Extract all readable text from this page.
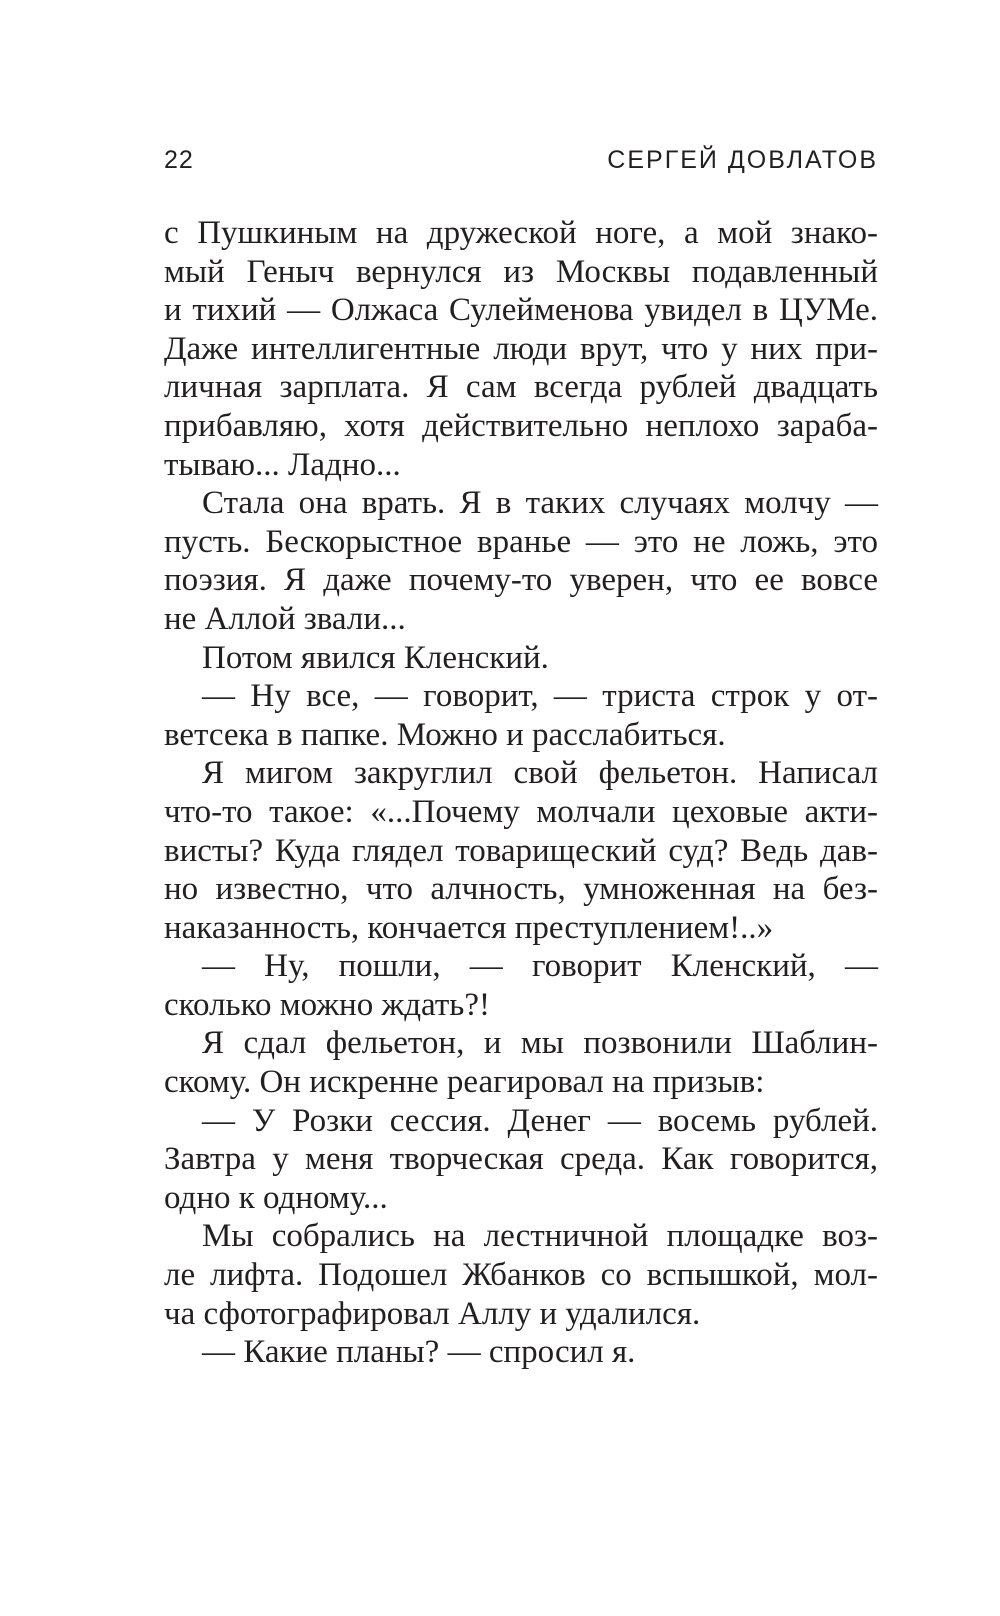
22	СЕРГЕЙ ДОВЛАТОВ
с Пушкиным на дружеской ноге, а мой знако-
мый Геныч вернулся из Москвы подавленный
и тихий — Олжаса Сулейменова увидел в ЦУМе.
Даже интеллигентные люди врут, что у них при-
личная зарплата. Я сам всегда рублей двадцать
прибавляю, хотя действительно неплохо зараба-
тываю... Ладно...
Стала она врать. Я в таких случаях молчу —
пусть. Бескорыстное вранье — это не ложь, это
поэзия. Я даже почему-то уверен, что ее вовсе
не Аллой звали...
Потом явился Кленский.
— Ну все, — говорит, — триста строк у от-
ветсека в папке. Можно и расслабиться.
Я мигом закруглил свой фельетон. Написал
что-то такое: «...Почему молчали цеховые акти-
висты? Куда глядел товарищеский суд? Ведь дав-
но известно, что алчность, умноженная на без-
наказанность, кончается преступлением!..»
— Ну, пошли, — говорит Кленский, —
сколько можно ждать?!
Я сдал фельетон, и мы позвонили Шаблин-
скому. Он искренне реагировал на призыв:
— У Розки сессия. Денег — восемь рублей.
Завтра у меня творческая среда. Как говорится,
одно к одному...
Мы собрались на лестничной площадке воз-
ле лифта. Подошел Жбанков со вспышкой, мол-
ча сфотографировал Аллу и удалился.
— Какие планы? — спросил я.
